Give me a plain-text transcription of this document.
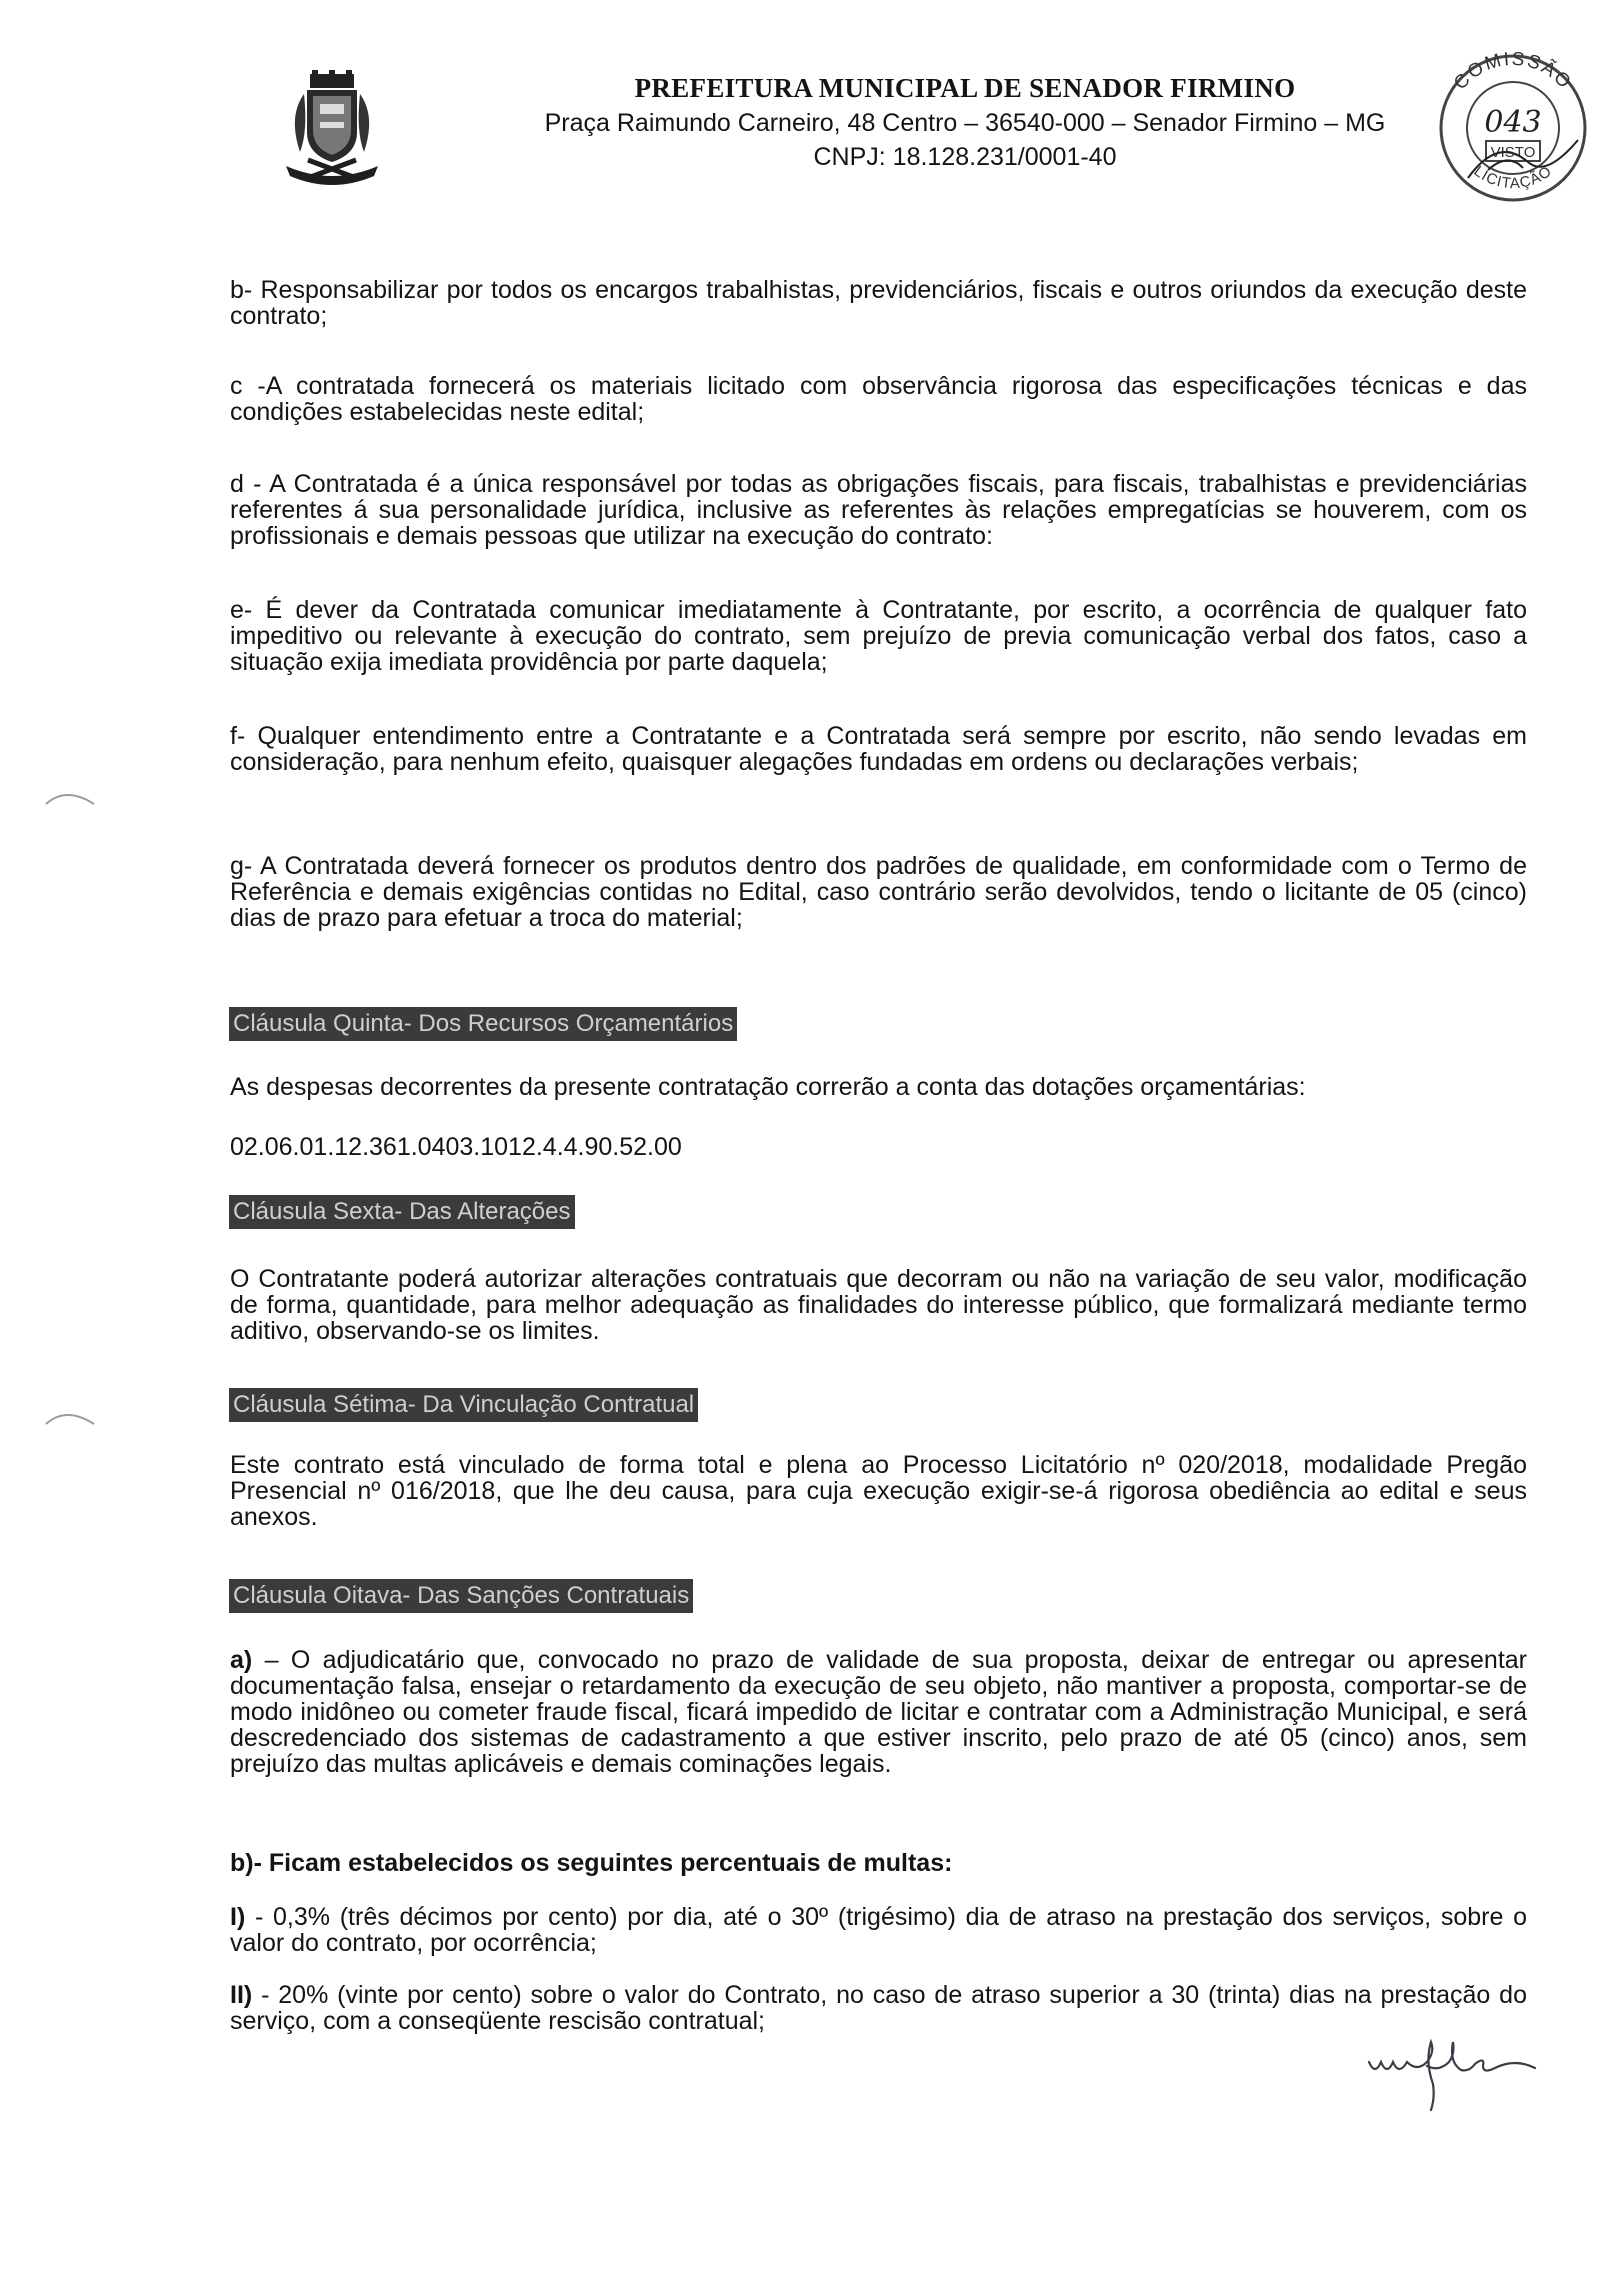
PREFEITURA MUNICIPAL DE SENADOR FIRMINO
Praça Raimundo Carneiro, 48 Centro – 36540-000 – Senador Firmino – MG
CNPJ: 18.128.231/0001-40
COMISSÃO
LICITAÇÃO
043
VISTO
b- Responsabilizar por todos os encargos trabalhistas, previdenciários, fiscais e outros oriundos da execução deste contrato;
c -A contratada fornecerá os materiais licitado com observância rigorosa das especificações técnicas e das condições estabelecidas neste edital;
d - A Contratada é a única responsável por todas as obrigações fiscais, para fiscais, trabalhistas e previdenciárias referentes á sua personalidade jurídica, inclusive as referentes às relações empregatícias se houverem, com os profissionais e demais pessoas que utilizar na execução do contrato:
e- É dever da Contratada comunicar imediatamente à Contratante, por escrito, a ocorrência de qualquer fato impeditivo ou relevante à execução do contrato, sem prejuízo de previa comunicação verbal dos fatos, caso a situação exija imediata providência por parte daquela;
f- Qualquer entendimento entre a Contratante e a Contratada será sempre por escrito, não sendo levadas em consideração, para nenhum efeito, quaisquer alegações fundadas em ordens ou declarações verbais;
g- A Contratada deverá fornecer os produtos dentro dos padrões de qualidade, em conformidade com o Termo de Referência e demais exigências contidas no Edital, caso contrário serão devolvidos, tendo o licitante de 05 (cinco) dias de prazo para efetuar a troca do material;
Cláusula Quinta- Dos Recursos Orçamentários
As despesas decorrentes da presente contratação correrão a conta das dotações orçamentárias:
02.06.01.12.361.0403.1012.4.4.90.52.00
Cláusula Sexta- Das Alterações
O Contratante poderá autorizar alterações contratuais que decorram ou não na variação de seu valor, modificação de forma, quantidade, para melhor adequação as finalidades do interesse público, que formalizará mediante termo aditivo, observando-se os limites.
Cláusula Sétima- Da Vinculação Contratual
Este contrato está vinculado de forma total e plena ao Processo Licitatório nº 020/2018, modalidade Pregão Presencial nº 016/2018, que lhe deu causa, para cuja execução exigir-se-á rigorosa obediência ao edital e seus anexos.
Cláusula Oitava- Das Sanções Contratuais
a) – O adjudicatário que, convocado no prazo de validade de sua proposta, deixar de entregar ou apresentar documentação falsa, ensejar o retardamento da execução de seu objeto, não mantiver a proposta, comportar-se de modo inidôneo ou cometer fraude fiscal, ficará impedido de licitar e contratar com a Administração Municipal, e será descredenciado dos sistemas de cadastramento a que estiver inscrito, pelo prazo de até 05 (cinco) anos, sem prejuízo das multas aplicáveis e demais cominações legais.
b)- Ficam estabelecidos os seguintes percentuais de multas:
I) - 0,3% (três décimos por cento) por dia, até o 30º (trigésimo) dia de atraso na prestação dos serviços, sobre o valor do contrato, por ocorrência;
II) - 20% (vinte por cento) sobre o valor do Contrato, no caso de atraso superior a 30 (trinta) dias na prestação do serviço, com a conseqüente rescisão contratual;
